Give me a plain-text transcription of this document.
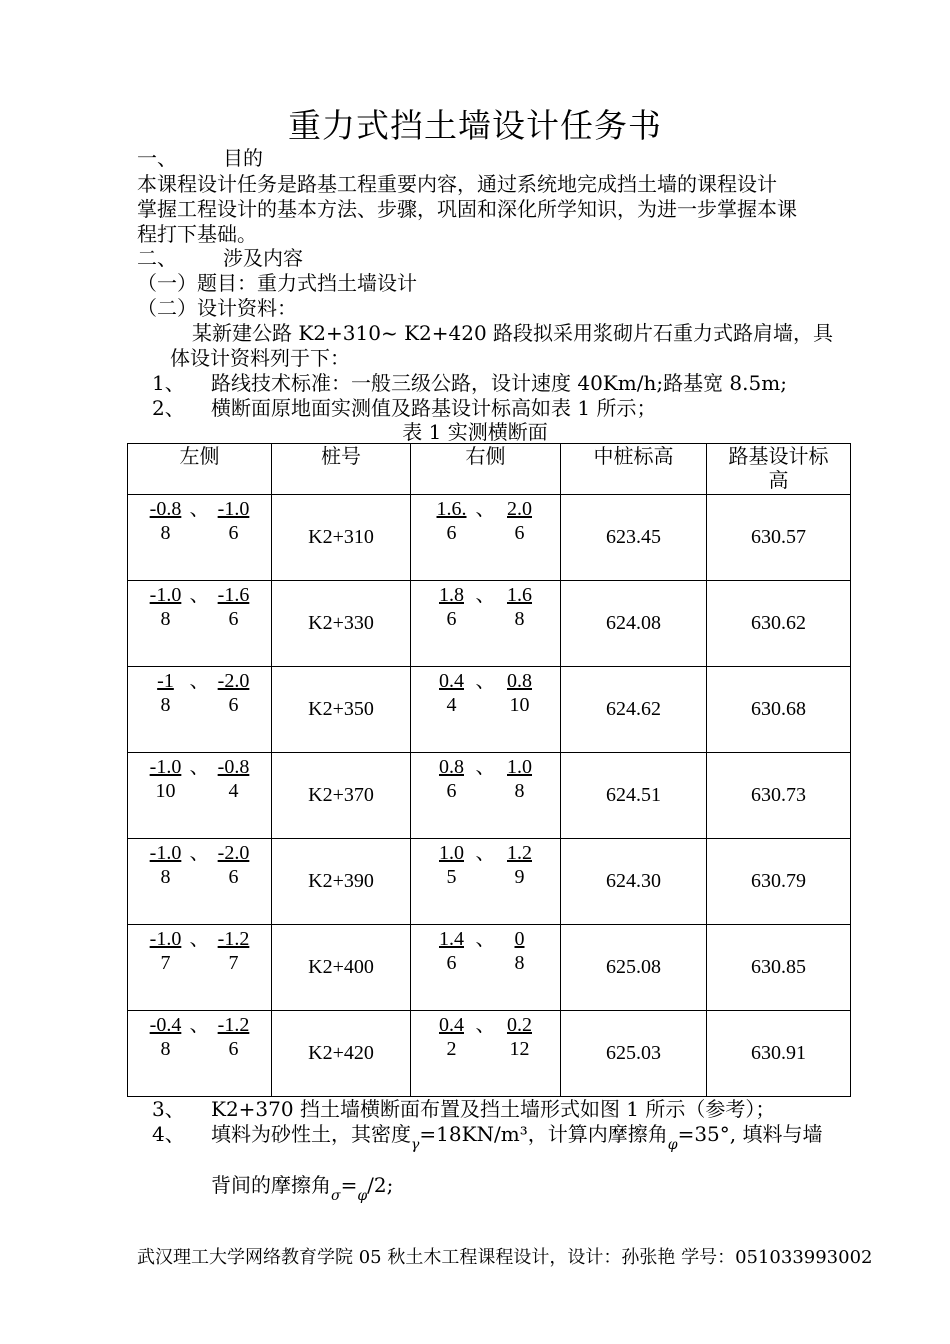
重力式挡土墙设计任务书
一、 目的
本课程设计任务是路基工程重要内容，通过系统地完成挡土墙的课程设计
掌握工程设计的基本方法、步骤，巩固和深化所学知识，为进一步掌握本课
程打下基础。
二、 涉及内容
（一）题目：重力式挡土墙设计
（二）设计资料：
某新建公路 K2+310~ K2+420 路段拟采用浆砌片石重力式路肩墙，具
体设计资料列于下：
1、 路线技术标准：一般三级公路，设计速度 40Km/h;路基宽 8.5m;
2、 横断面原地面实测值及路基设计标高如表 1 所示；
表 1 实测横断面
左侧	桩号	右侧	中桩标高	路基设计标高

$\frac{-0.8}{8}$ 、 $\frac{-1.0}{6}$	K2+310	$\frac{1.6.}{6}$ 、 $\frac{2.0}{6}$	623.45	630.57

$\frac{-1.0}{8}$ 、 $\frac{-1.6}{6}$	K2+330	$\frac{1.8}{6}$ 、 $\frac{1.6}{8}$	624.08	630.62

$\frac{-1}{8}$ 、 $\frac{-2.0}{6}$	K2+350	$\frac{0.4}{4}$ 、 $\frac{0.8}{10}$	624.62	630.68

$\frac{-1.0}{10}$ 、 $\frac{-0.8}{4}$	K2+370	$\frac{0.8}{6}$ 、 $\frac{1.0}{8}$	624.51	630.73

$\frac{-1.0}{8}$ 、 $\frac{-2.0}{6}$	K2+390	$\frac{1.0}{5}$ 、 $\frac{1.2}{9}$	624.30	630.79

$\frac{-1.0}{7}$ 、 $\frac{-1.2}{7}$	K2+400	$\frac{1.4}{6}$ 、 $\frac{0}{8}$	625.08	630.85

$\frac{-0.4}{8}$ 、 $\frac{-1.2}{6}$	K2+420	$\frac{0.4}{2}$ 、 $\frac{0.2}{12}$	625.03	630.91
3、 K2+370 挡土墙横断面布置及挡土墙形式如图 1 所示（参考）；
4、 填料为砂性土，其密度$_\gamma$=18KN/m³，计算内摩擦角$_\varphi$=35°, 填料与墙
背间的摩擦角$_\sigma=_\varphi/2$;
武汉理工大学网络教育学院 05 秋土木工程课程设计，设计：孙张艳 学号：051033993002
